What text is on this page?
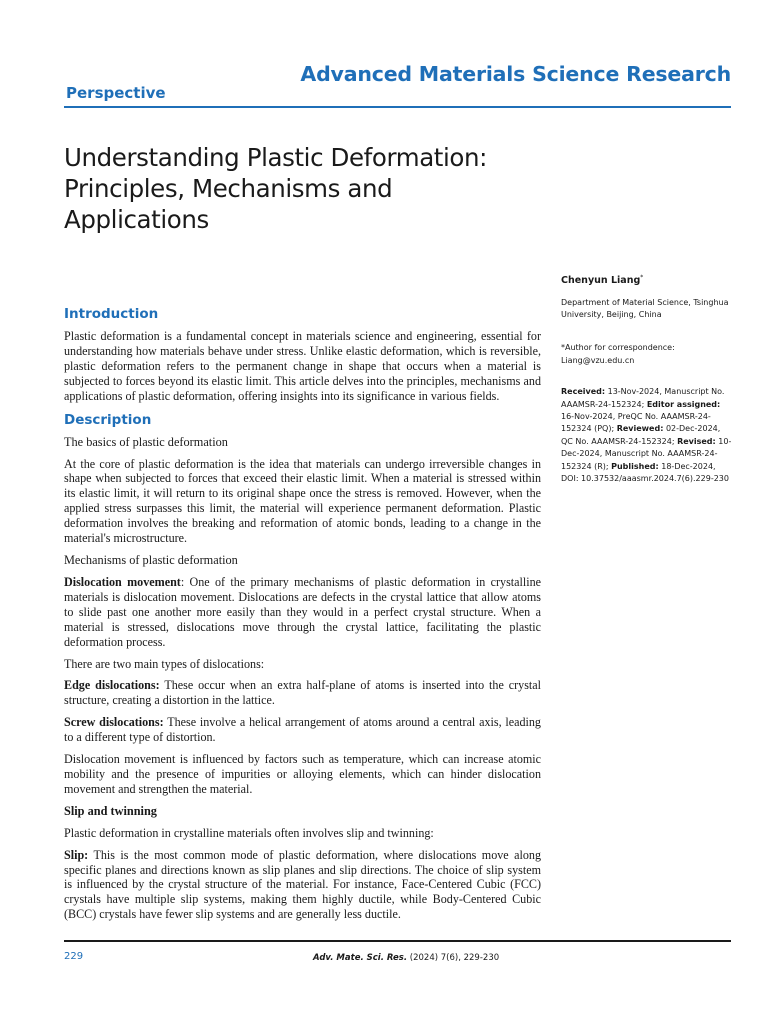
Advanced Materials Science Research
Perspective
Understanding Plastic Deformation: Principles, Mechanisms and Applications
Introduction

Plastic deformation is a fundamental concept in materials science and engineering, essential for understanding how materials behave under stress. Unlike elastic deformation, which is reversible, plastic deformation refers to the permanent change in shape that occurs when a material is subjected to forces beyond its elastic limit. This article delves into the principles, mechanisms and applications of plastic deformation, offering insights into its significance in various fields.

Description
The basics of plastic deformation

At the core of plastic deformation is the idea that materials can undergo irreversible changes in shape when subjected to forces that exceed their elastic limit. When a material is stressed within its elastic limit, it will return to its original shape once the stress is removed. However, when the applied stress surpasses this limit, the material will experience permanent deformation. Plastic deformation involves the breaking and reformation of atomic bonds, leading to a change in the material's microstructure.

Mechanisms of plastic deformation

Dislocation movement: One of the primary mechanisms of plastic deformation in crystalline materials is dislocation movement. Dislocations are defects in the crystal lattice that allow atoms to slide past one another more easily than they would in a perfect crystal structure. When a material is stressed, dislocations move through the crystal lattice, facilitating the plastic deformation process.

There are two main types of dislocations:

Edge dislocations: These occur when an extra half-plane of atoms is inserted into the crystal structure, creating a distortion in the lattice.

Screw dislocations: These involve a helical arrangement of atoms around a central axis, leading to a different type of distortion.

Dislocation movement is influenced by factors such as temperature, which can increase atomic mobility and the presence of impurities or alloying elements, which can hinder dislocation movement and strengthen the material.

Slip and twinning

Plastic deformation in crystalline materials often involves slip and twinning:

Slip: This is the most common mode of plastic deformation, where dislocations move along specific planes and directions known as slip planes and slip directions. The choice of slip system is influenced by the crystal structure of the material. For instance, Face-Centered Cubic (FCC) crystals have multiple slip systems, making them highly ductile, while Body-Centered Cubic (BCC) crystals have fewer slip systems and are generally less ductile.

Chenyun Liang*
Department of Material Science, Tsinghua University, Beijing, China
*Author for correspondence:
Liang@vzu.edu.cn
Received: 13-Nov-2024, Manuscript No. AAAMSR-24-152324; Editor assigned: 16-Nov-2024, PreQC No. AAAMSR-24-152324 (PQ); Reviewed: 02-Dec-2024, QC No. AAAMSR-24-152324; Revised: 10-Dec-2024, Manuscript No. AAAMSR-24-152324 (R); Published: 18-Dec-2024, DOI: 10.37532/aaasmr.2024.7(6).229-230
229	Adv. Mate. Sci. Res. (2024) 7(6), 229-230
